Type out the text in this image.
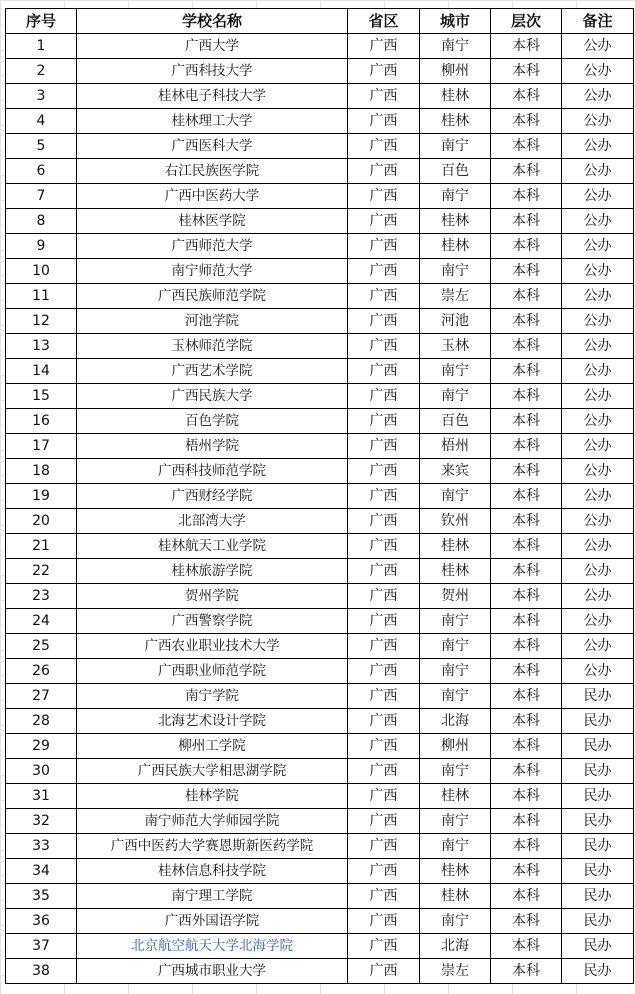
序号	学校名称	省区	城市	层次	备注
1	广西大学	广西	南宁	本科	公办
2	广西科技大学	广西	柳州	本科	公办
3	桂林电子科技大学	广西	桂林	本科	公办
4	桂林理工大学	广西	桂林	本科	公办
5	广西医科大学	广西	南宁	本科	公办
6	右江民族医学院	广西	百色	本科	公办
7	广西中医药大学	广西	南宁	本科	公办
8	桂林医学院	广西	桂林	本科	公办
9	广西师范大学	广西	桂林	本科	公办
10	南宁师范大学	广西	南宁	本科	公办
11	广西民族师范学院	广西	崇左	本科	公办
12	河池学院	广西	河池	本科	公办
13	玉林师范学院	广西	玉林	本科	公办
14	广西艺术学院	广西	南宁	本科	公办
15	广西民族大学	广西	南宁	本科	公办
16	百色学院	广西	百色	本科	公办
17	梧州学院	广西	梧州	本科	公办
18	广西科技师范学院	广西	来宾	本科	公办
19	广西财经学院	广西	南宁	本科	公办
20	北部湾大学	广西	钦州	本科	公办
21	桂林航天工业学院	广西	桂林	本科	公办
22	桂林旅游学院	广西	桂林	本科	公办
23	贺州学院	广西	贺州	本科	公办
24	广西警察学院	广西	南宁	本科	公办
25	广西农业职业技术大学	广西	南宁	本科	公办
26	广西职业师范学院	广西	南宁	本科	公办
27	南宁学院	广西	南宁	本科	民办
28	北海艺术设计学院	广西	北海	本科	民办
29	柳州工学院	广西	柳州	本科	民办
30	广西民族大学相思湖学院	广西	南宁	本科	民办
31	桂林学院	广西	桂林	本科	民办
32	南宁师范大学师园学院	广西	南宁	本科	民办
33	广西中医药大学赛恩斯新医药学院	广西	南宁	本科	民办
34	桂林信息科技学院	广西	桂林	本科	民办
35	南宁理工学院	广西	桂林	本科	民办
36	广西外国语学院	广西	南宁	本科	民办
37	北京航空航天大学北海学院	广西	北海	本科	民办
38	广西城市职业大学	广西	崇左	本科	民办
